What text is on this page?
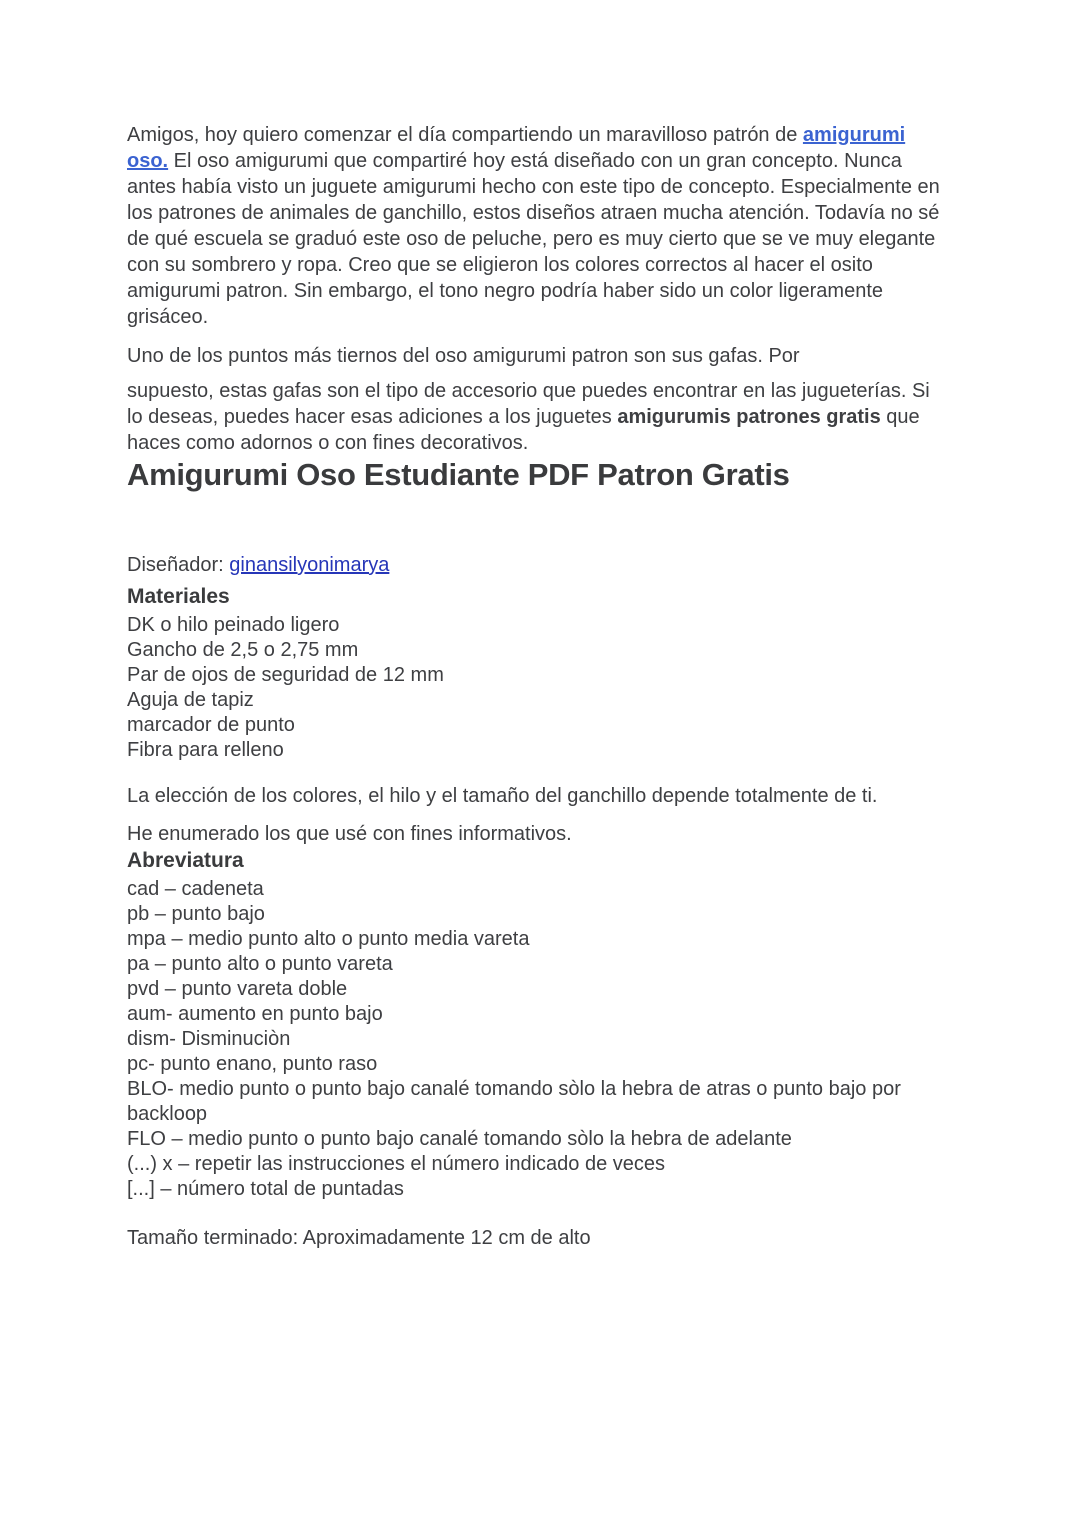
Amigos, hoy quiero comenzar el día compartiendo un maravilloso patrón de amigurumi oso. El oso amigurumi que compartiré hoy está diseñado con un gran concepto. Nunca antes había visto un juguete amigurumi hecho con este tipo de concepto. Especialmente en los patrones de animales de ganchillo, estos diseños atraen mucha atención. Todavía no sé de qué escuela se graduó este oso de peluche, pero es muy cierto que se ve muy elegante con su sombrero y ropa. Creo que se eligieron los colores correctos al hacer el osito amigurumi patron. Sin embargo, el tono negro podría haber sido un color ligeramente grisáceo.

Uno de los puntos más tiernos del oso amigurumi patron son sus gafas. Por

supuesto, estas gafas son el tipo de accesorio que puedes encontrar en las jugueterías. Si lo deseas, puedes hacer esas adiciones a los juguetes amigurumis patrones gratis que haces como adornos o con fines decorativos.

Amigurumi Oso Estudiante PDF Patron Gratis

Diseñador: ginansilyonimarya

Materiales
DK o hilo peinado ligero
Gancho de 2,5 o 2,75 mm
Par de ojos de seguridad de 12 mm
Aguja de tapiz
marcador de punto
Fibra para relleno

La elección de los colores, el hilo y el tamaño del ganchillo depende totalmente de ti.

He enumerado los que usé con fines informativos.

Abreviatura
cad – cadeneta
pb – punto bajo
mpa – medio punto alto o punto media vareta
pa – punto alto o punto vareta
pvd – punto vareta doble
aum- aumento en punto bajo
dism- Disminuciòn
pc- punto enano, punto raso
BLO- medio punto o punto bajo canalé tomando sòlo la hebra de atras o punto bajo por backloop
FLO – medio punto o punto bajo canalé tomando sòlo la hebra de adelante
(...) x – repetir las instrucciones el número indicado de veces
[...] – número total de puntadas

Tamaño terminado: Aproximadamente 12 cm de alto
